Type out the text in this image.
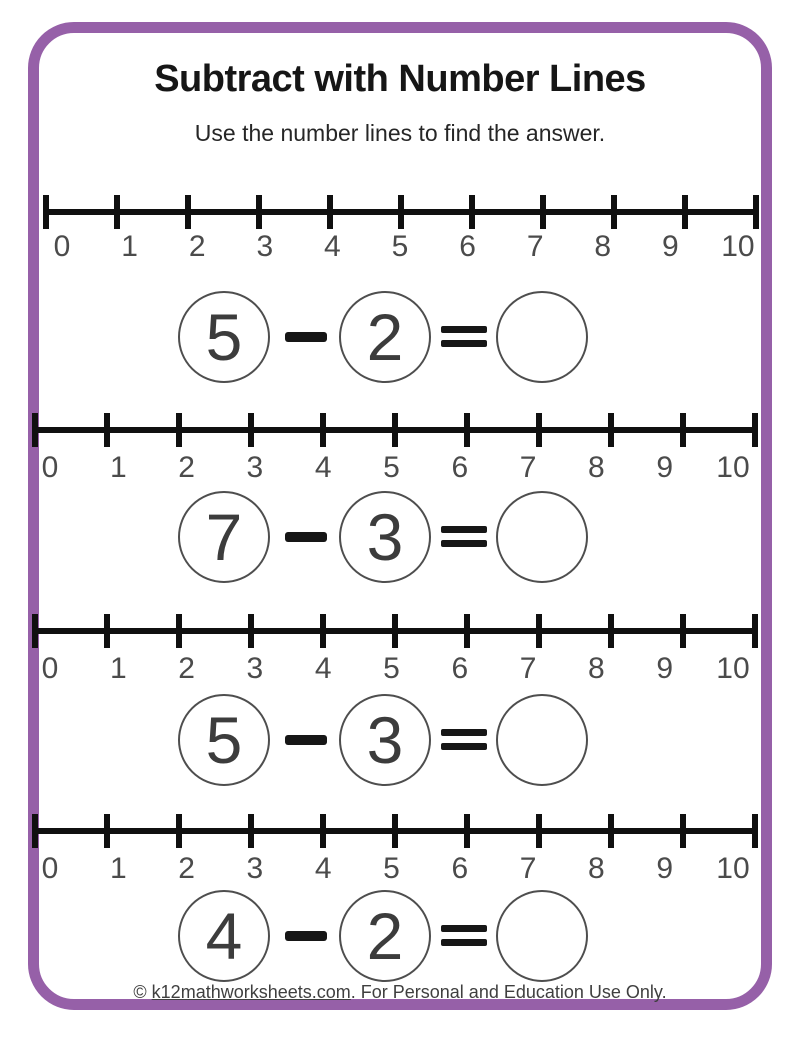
Subtract with Number Lines

Use the number lines to find the answer.

0	1	2	3	4	5	6	7	8	9	10
5 2
0	1	2	3	4	5	6	7	8	9	10
7 3
0	1	2	3	4	5	6	7	8	9	10
5 3
0	1	2	3	4	5	6	7	8	9	10
4 2
© k12mathworksheets.com. For Personal and Education Use Only.
